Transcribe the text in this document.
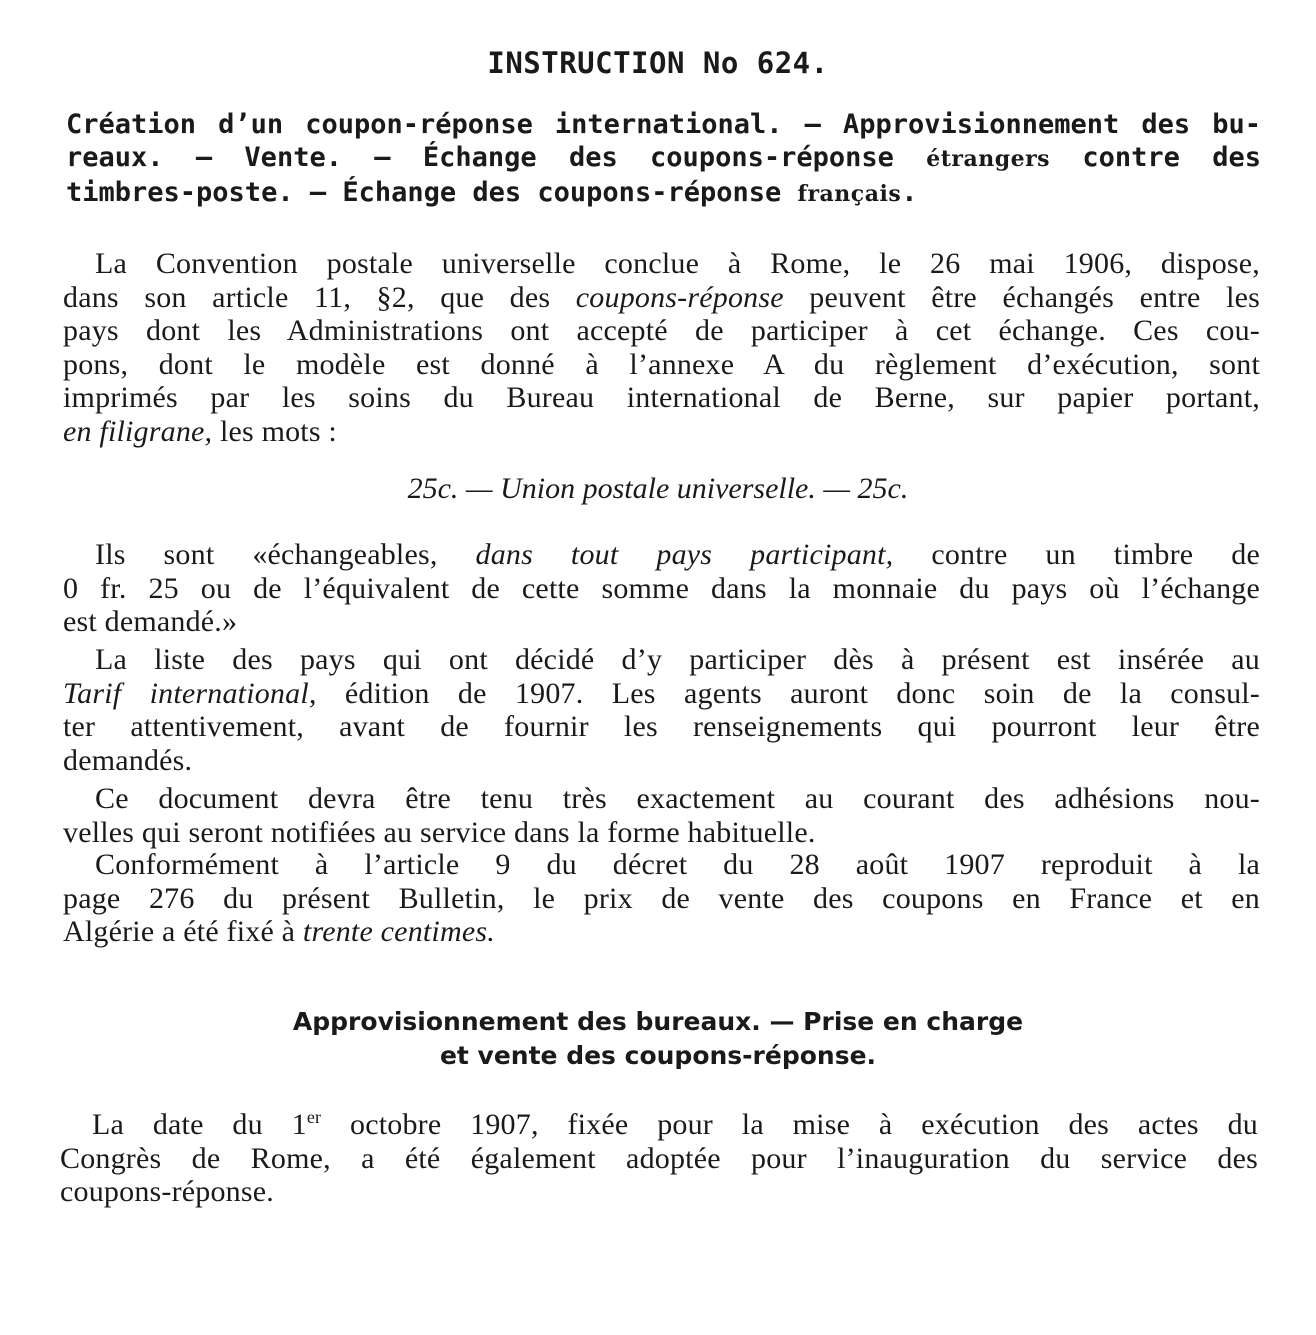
INSTRUCTION No 624.
Création d’un coupon-réponse international. — Approvisionnement des bu-
reaux. — Vente. — Échange des coupons-réponse étrangers contre des
timbres-poste. — Échange des coupons-réponse français.
La Convention postale universelle conclue à Rome, le 26 mai 1906, dispose,
dans son article 11, §2, que des coupons-réponse peuvent être échangés entre les
pays dont les Administrations ont accepté de participer à cet échange. Ces cou-
pons, dont le modèle est donné à l’annexe A du règlement d’exécution, sont
imprimés par les soins du Bureau international de Berne, sur papier portant,
en filigrane, les mots :
25c. — Union postale universelle. — 25c.
Ils sont «échangeables, dans tout pays participant, contre un timbre de
0 fr. 25 ou de l’équivalent de cette somme dans la monnaie du pays où l’échange
est demandé.»
La liste des pays qui ont décidé d’y participer dès à présent est insérée au
Tarif international, édition de 1907. Les agents auront donc soin de la consul-
ter attentivement, avant de fournir les renseignements qui pourront leur être
demandés.
Ce document devra être tenu très exactement au courant des adhésions nou-
velles qui seront notifiées au service dans la forme habituelle.
Conformément à l’article 9 du décret du 28 août 1907 reproduit à la
page 276 du présent Bulletin, le prix de vente des coupons en France et en
Algérie a été fixé à trente centimes.
Approvisionnement des bureaux. — Prise en charge
et vente des coupons-réponse.
La date du 1er octobre 1907, fixée pour la mise à exécution des actes du
Congrès de Rome, a été également adoptée pour l’inauguration du service des
coupons-réponse.
